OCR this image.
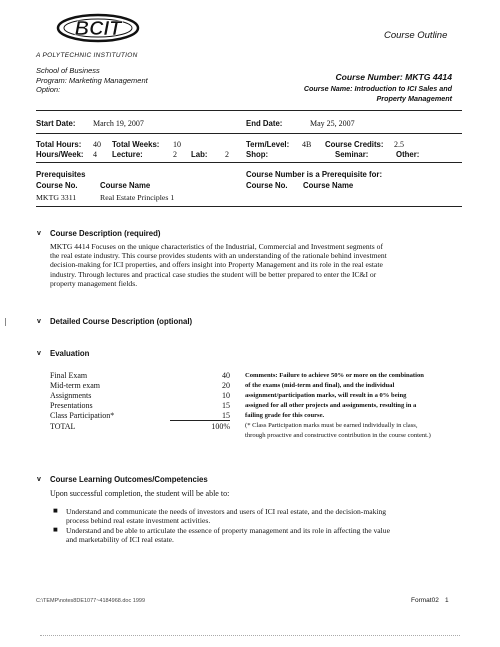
BCIT
A POLYTECHNIC INSTITUTION
Course Outline
School of Business
Program: Marketing Management
Option:
Course Number: MKTG 4414
Course Name: Introduction to ICI Sales and
Property Management
Start Date: March 19, 2007	End Date:	May 25, 2007
Total Hours: 40 Total Weeks: 10	Term/Level: 4B Course Credits: 2.5
Hours/Week: 4 Lecture:	2 Lab: 2 Shop:	Seminar:	Other:
Prerequisites
Course No.	Course Name
MKTG 3311	Real Estate Principles 1
Course Number is a Prerequisite for:
Course No. Course Name
v Course Description (required)
MKTG 4414 Focuses on the unique characteristics of the Industrial, Commercial and Investment segments of
the real estate industry. This course provides students with an understanding of the rationale behind investment
decision-making for ICI properties, and offers insight into Property Management and its role in the real estate
industry. Through lectures and practical case studies the student will be better prepared to enter the IC&I or
property management fields.
v Detailed Course Description (optional)
v Evaluation
Final Exam	40
Mid-term exam	20
Assignments	10
Presentations	15
Class Participation*	15
TOTAL	100%
Comments: Failure to achieve 50% or more on the combination
of the exams (mid-term and final), and the individual
assignment/participation marks, will result in a 0% being
assigned for all other projects and assignments, resulting in a
failing grade for this course.
(* Class Participation marks must be earned individually in class,
through proactive and constructive contribution in the course content.)
v Course Learning Outcomes/Competencies
Upon successful completion, the student will be able to:
■ Understand and communicate the needs of investors and users of ICI real estate, and the decision-making
process behind real estate investment activities.
■ Understand and be able to articulate the essence of property management and its role in affecting the value
and marketability of ICI real estate.
C:\TEMP\notes8DE1077~4184968.doc 1999	Format02 1
